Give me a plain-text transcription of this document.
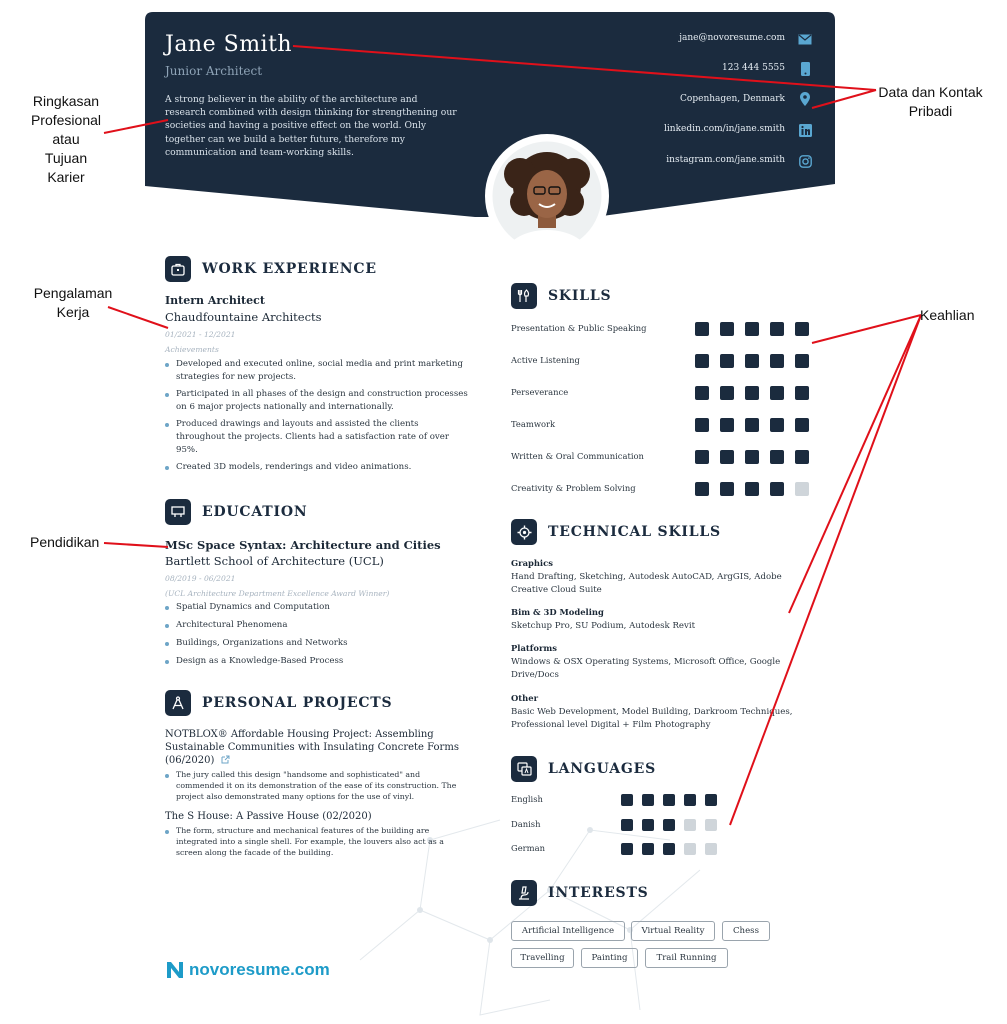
Jane Smith
Junior Architect
A strong believer in the ability of the architecture and research combined with design thinking for strengthening our societies and having a positive effect on the world. Only together can we build a better future, therefore my communication and team-working skills.
jane@novoresume.com
123 444 5555
Copenhagen, Denmark
linkedin.com/in/jane.smith
instagram.com/jane.smith
WORK EXPERIENCE
Intern Architect
Chaudfountaine Architects
01/2021 - 12/2021
Achievements
Developed and executed online, social media and print marketing strategies for new projects.
Participated in all phases of the design and construction processes on 6 major projects nationally and internationally.
Produced drawings and layouts and assisted the clients throughout the projects. Clients had a satisfaction rate of over 95%.
Created 3D models, renderings and video animations.
EDUCATION
MSc Space Syntax: Architecture and Cities
Bartlett School of Architecture (UCL)
08/2019 - 06/2021
(UCL Architecture Department Excellence Award Winner)
Spatial Dynamics and Computation
Architectural Phenomena
Buildings, Organizations and Networks
Design as a Knowledge-Based Process
PERSONAL PROJECTS
NOTBLOX® Affordable Housing Project: Assembling Sustainable Communities with Insulating Concrete Forms (06/2020)
The jury called this design "handsome and sophisticated" and commended it on its demonstration of the ease of its construction. The project also demonstrated many options for the use of vinyl.
The S House: A Passive House (02/2020)
The form, structure and mechanical features of the building are integrated into a single shell. For example, the louvers also act as a screen along the facade of the building.
SKILLS
Presentation & Public Speaking
Active Listening
Perseverance
Teamwork
Written & Oral Communication
Creativity & Problem Solving
TECHNICAL SKILLS
Graphics
Hand Drafting, Sketching, Autodesk AutoCAD, ArgGIS, Adobe Creative Cloud Suite
Bim & 3D Modeling
Sketchup Pro, SU Podium, Autodesk Revit
Platforms
Windows & OSX Operating Systems, Microsoft Office, Google Drive/Docs
Other
Basic Web Development, Model Building, Darkroom Techniques, Professional level Digital + Film Photography
LANGUAGES
English
Danish
German
INTERESTS
Artificial Intelligence	Virtual Reality	Chess
Travelling	Painting	Trail Running
novoresume.com
Ringkasan
Profesional
atau
Tujuan Karier
Data dan Kontak
Pribadi
Pengalaman
Kerja
Pendidikan
Keahlian
